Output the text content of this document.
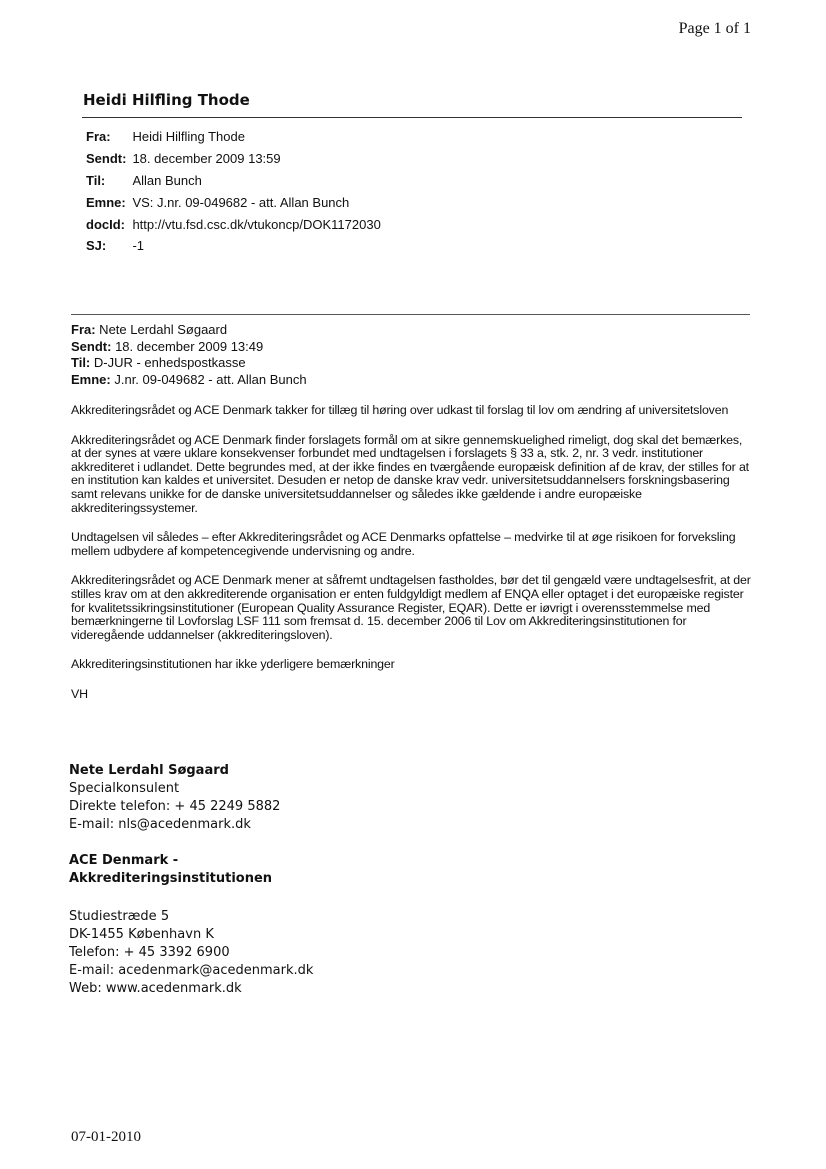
Page 1 of 1
Heidi Hilfling Thode
Fra:	Heidi Hilfling Thode
Sendt:	18. december 2009 13:59
Til:	Allan Bunch
Emne:	VS: J.nr. 09-049682 - att. Allan Bunch
docId:	http://vtu.fsd.csc.dk/vtukoncp/DOK1172030
SJ:	-1
Fra: Nete Lerdahl Søgaard
Sendt: 18. december 2009 13:49
Til: D-JUR - enhedspostkasse
Emne: J.nr. 09-049682 - att. Allan Bunch

Akkrediteringsrådet og ACE Denmark takker for tillæg til høring over udkast til forslag til lov om ændring af universitetsloven

Akkrediteringsrådet og ACE Denmark finder forslagets formål om at sikre gennemskuelighed rimeligt, dog skal det bemærkes, at der synes at være uklare konsekvenser forbundet med undtagelsen i forslagets § 33 a, stk. 2, nr. 3 vedr. institutioner akkrediteret i udlandet. Dette begrundes med, at der ikke findes en tværgående europæisk definition af de krav, der stilles for at en institution kan kaldes et universitet. Desuden er netop de danske krav vedr. universitetsuddannelsers forskningsbasering samt relevans unikke for de danske universitetsuddannelser og således ikke gældende i andre europæiske akkrediteringssystemer.

Undtagelsen vil således – efter Akkrediteringsrådet og ACE Denmarks opfattelse – medvirke til at øge risikoen for forveksling mellem udbydere af kompetencegivende undervisning og andre.

Akkrediteringsrådet og ACE Denmark mener at såfremt undtagelsen fastholdes, bør det til gengæld være undtagelsesfrit, at der stilles krav om at den akkrediterende organisation er enten fuldgyldigt medlem af ENQA eller optaget i det europæiske register for kvalitetssikringsinstitutioner (European Quality Assurance Register, EQAR). Dette er iøvrigt i overensstemmelse med bemærkningerne til Lovforslag LSF 111 som fremsat d. 15. december 2006 til Lov om Akkrediteringsinstitutionen for videregående uddannelser (akkrediteringsloven).

Akkrediteringsinstitutionen har ikke yderligere bemærkninger

VH

Nete Lerdahl Søgaard
Specialkonsulent
Direkte telefon: + 45 2249 5882
E-mail: nls@acedenmark.dk
ACE Denmark -
Akkrediteringsinstitutionen
Studiestræde 5
DK-1455 København K
Telefon: + 45 3392 6900
E-mail: acedenmark@acedenmark.dk
Web: www.acedenmark.dk
07-01-2010
